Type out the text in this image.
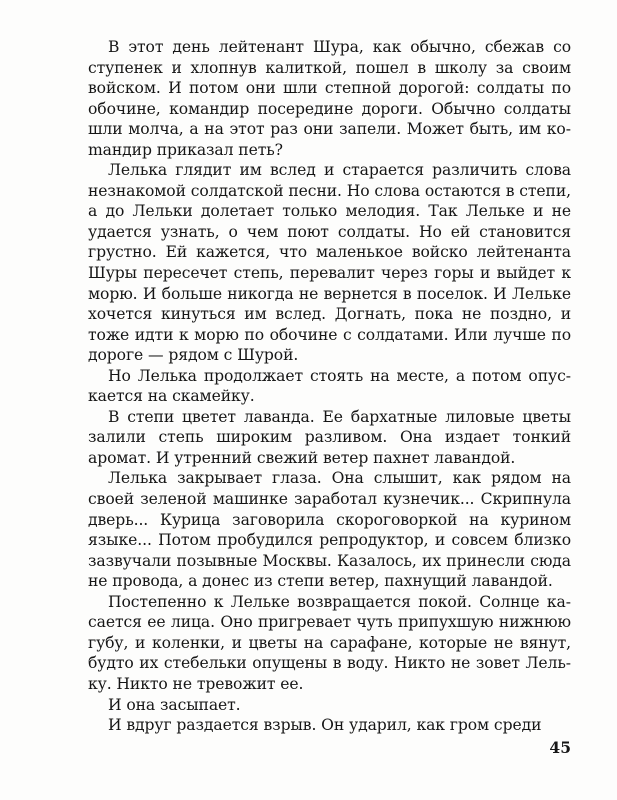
В этот день лейтенант Шура, как обычно, сбежав со ступенек и хлопнув калиткой, пошел в школу за своим войском. И потом они шли степной дорогой: солдаты по обочине, командир посередине дороги. Обычно солдаты шли молча, а на этот раз они запели. Может быть, им коmандир приказал петь?

Лелька глядит им вслед и старается различить слова незнакомой солдатской песни. Но слова остаются в степи, а до Лельки долетает только мелодия. Так Лельке и не удается узнать, о чем поют солдаты. Но ей становится грустно. Ей кажется, что маленькое войско лейтенанта Шуры пересечет степь, перевалит через горы и выйдет к морю. И больше никогда не вернется в поселок. И Лельке хочется кинуться им вслед. Догнать, пока не поздно, и тоже идти к морю по обочине с солдатами. Или лучше по дороге — рядом с Шурой.

Но Лелька продолжает стоять на месте, а потом опускается на скамейку.

В степи цветет лаванда. Ее бархатные лиловые цветы залили степь широким разливом. Она издает тонкий аромат. И утренний свежий ветер пахнет лавандой.

Лелька закрывает глаза. Она слышит, как рядом на своей зеленой машинке заработал кузнечик... Скрипнула дверь... Курица заговорила скороговоркой на курином языке... Потом пробудился репродуктор, и совсем близко зазвучали позывные Москвы. Казалось, их принесли сюда не провода, а донес из степи ветер, пахнущий лавандой.

Постепенно к Лельке возвращается покой. Солнце касается ее лица. Оно пригревает чуть припухшую нижнюю губу, и коленки, и цветы на сарафане, которые не вянут, будто их стебельки опущены в воду. Никто не зовет Лельку. Никто не тревожит ее.

И она засыпает.

И вдруг раздается взрыв. Он ударил, как гром среди

45
